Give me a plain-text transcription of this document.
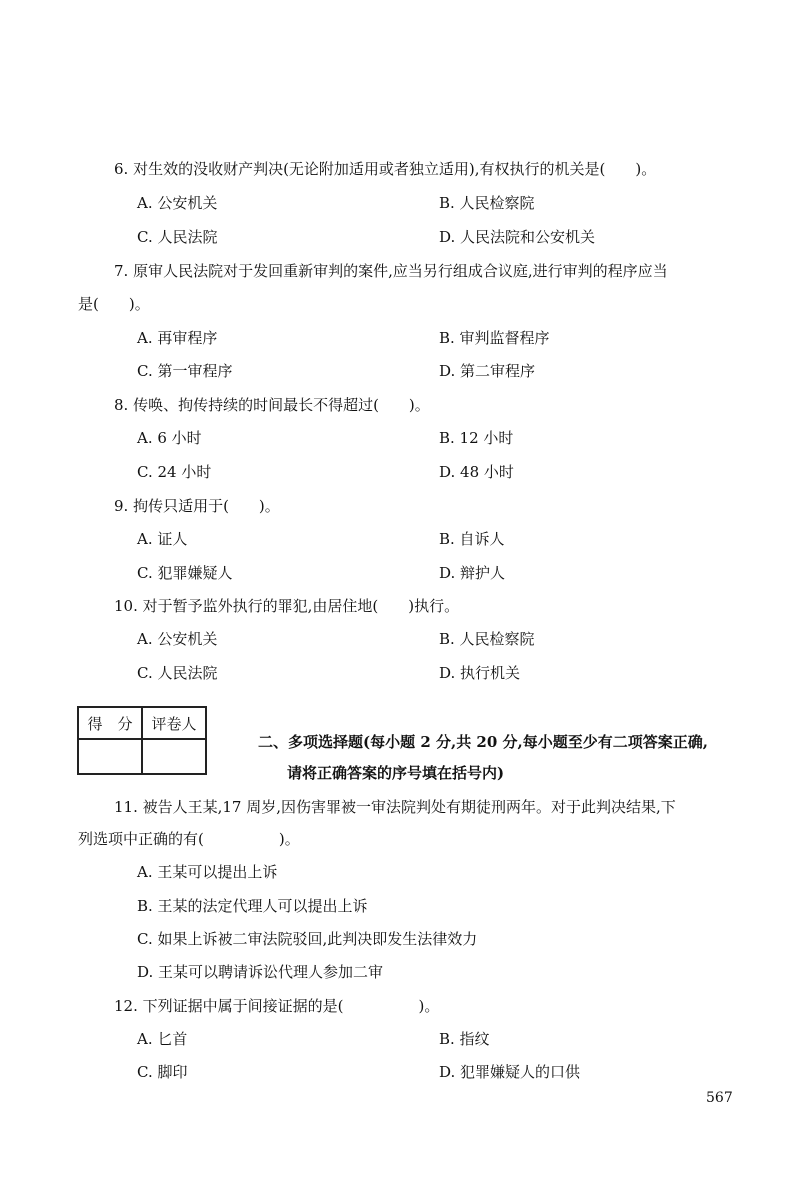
6. 对生效的没收财产判决(无论附加适用或者独立适用),有权执行的机关是(　　)。
A. 公安机关	B. 人民检察院
C. 人民法院	D. 人民法院和公安机关
7. 原审人民法院对于发回重新审判的案件,应当另行组成合议庭,进行审判的程序应当
是(　　)。
A. 再审程序	B. 审判监督程序
C. 第一审程序	D. 第二审程序
8. 传唤、拘传持续的时间最长不得超过(　　)。
A. 6 小时	B. 12 小时
C. 24 小时	D. 48 小时
9. 拘传只适用于(　　)。
A. 证人	B. 自诉人
C. 犯罪嫌疑人	D. 辩护人
10. 对于暂予监外执行的罪犯,由居住地(　　)执行。
A. 公安机关	B. 人民检察院
C. 人民法院	D. 执行机关
得　分	评卷人

二、多项选择题(每小题 2 分,共 20 分,每小题至少有二项答案正确,
请将正确答案的序号填在括号内)
11. 被告人王某,17 周岁,因伤害罪被一审法院判处有期徒刑两年。对于此判决结果,下
列选项中正确的有(　　　　　)。
A. 王某可以提出上诉
B. 王某的法定代理人可以提出上诉
C. 如果上诉被二审法院驳回,此判决即发生法律效力
D. 王某可以聘请诉讼代理人参加二审
12. 下列证据中属于间接证据的是(　　　　　)。
A. 匕首	B. 指纹
C. 脚印	D. 犯罪嫌疑人的口供
567
